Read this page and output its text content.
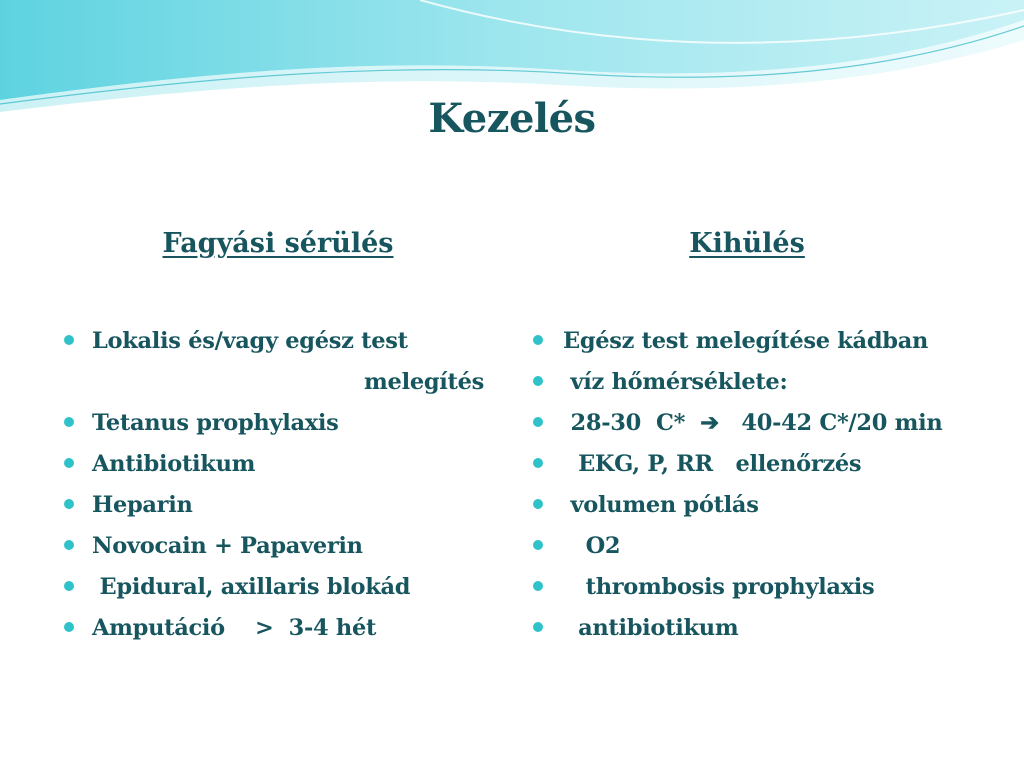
Kezelés
Fagyási sérülés	Kihülés
Lokalis és/vagy egész test
melegítés
Tetanus prophylaxis
Antibiotikum
Heparin
Novocain + Papaverin
Epidural, axillaris blokád
Amputáció    >  3-4 hét
Egész test melegítése kádban
víz hőmérséklete:
28-30  C*  ➔   40-42 C*/20 min
EKG, P, RR   ellenőrzés
volumen pótlás
O2
thrombosis prophylaxis
antibiotikum
